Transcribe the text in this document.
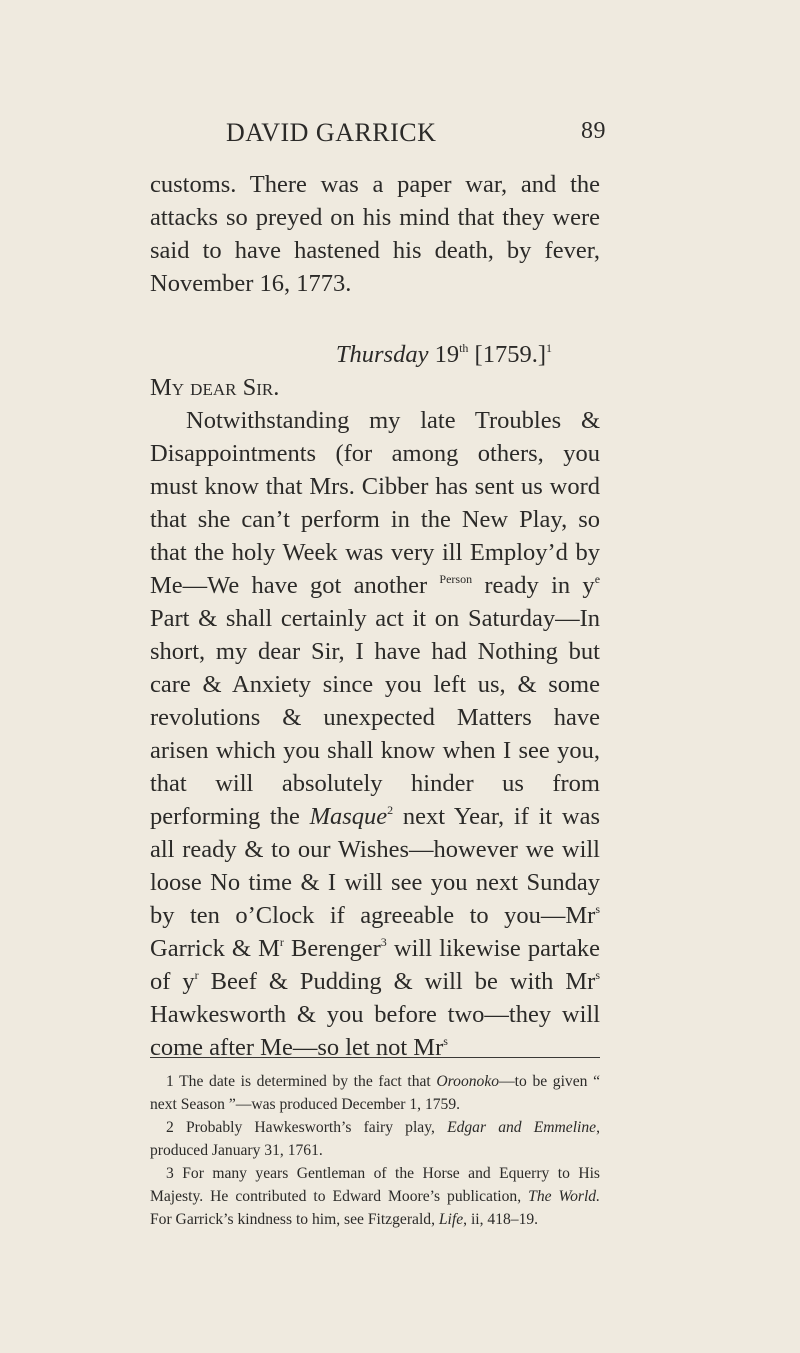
DAVID GARRICK	89

customs. There was a paper war, and the attacks so preyed on his mind that they were said to have hastened his death, by fever, November 16, 1773.

Thursday 19th $[1759.]^1$

My dear Sir.

Notwithstanding my late Troubles & Disappointments (for among others, you must know that Mrs. Cibber has sent us word that she can’t perform in the New Play, so that the holy Week was very ill Employ’d by Me—We have got another $^{Person}$ ready in $y^e$ Part & shall certainly act it on Saturday—In short, my dear Sir, I have had Nothing but care & Anxiety since you left us, & some revolutions & unexpected Matters have arisen which you shall know when I see you, that will absolutely hinder us from performing the Masque$^2$ next Year, if it was all ready & to our Wishes—however we will loose No time & I will see you next Sunday by ten o’Clock if agreeable to you—Mr$^s$ Garrick & $M^r$ Berenger$^3$ will likewise partake of $y^r$ Beef & Pudding & will be with Mr$^s$ Hawkesworth & you before two—they will come after Me—so let not Mr$^s$

1 The date is determined by the fact that Oroonoko—to be given “ next Season ”—was produced December 1, 1759.

2 Probably Hawkesworth’s fairy play, Edgar and Emmeline, produced January 31, 1761.

3 For many years Gentleman of the Horse and Equerry to His Majesty. He contributed to Edward Moore’s publication, The World. For Garrick’s kindness to him, see Fitzgerald, Life, ii, 418–19.
